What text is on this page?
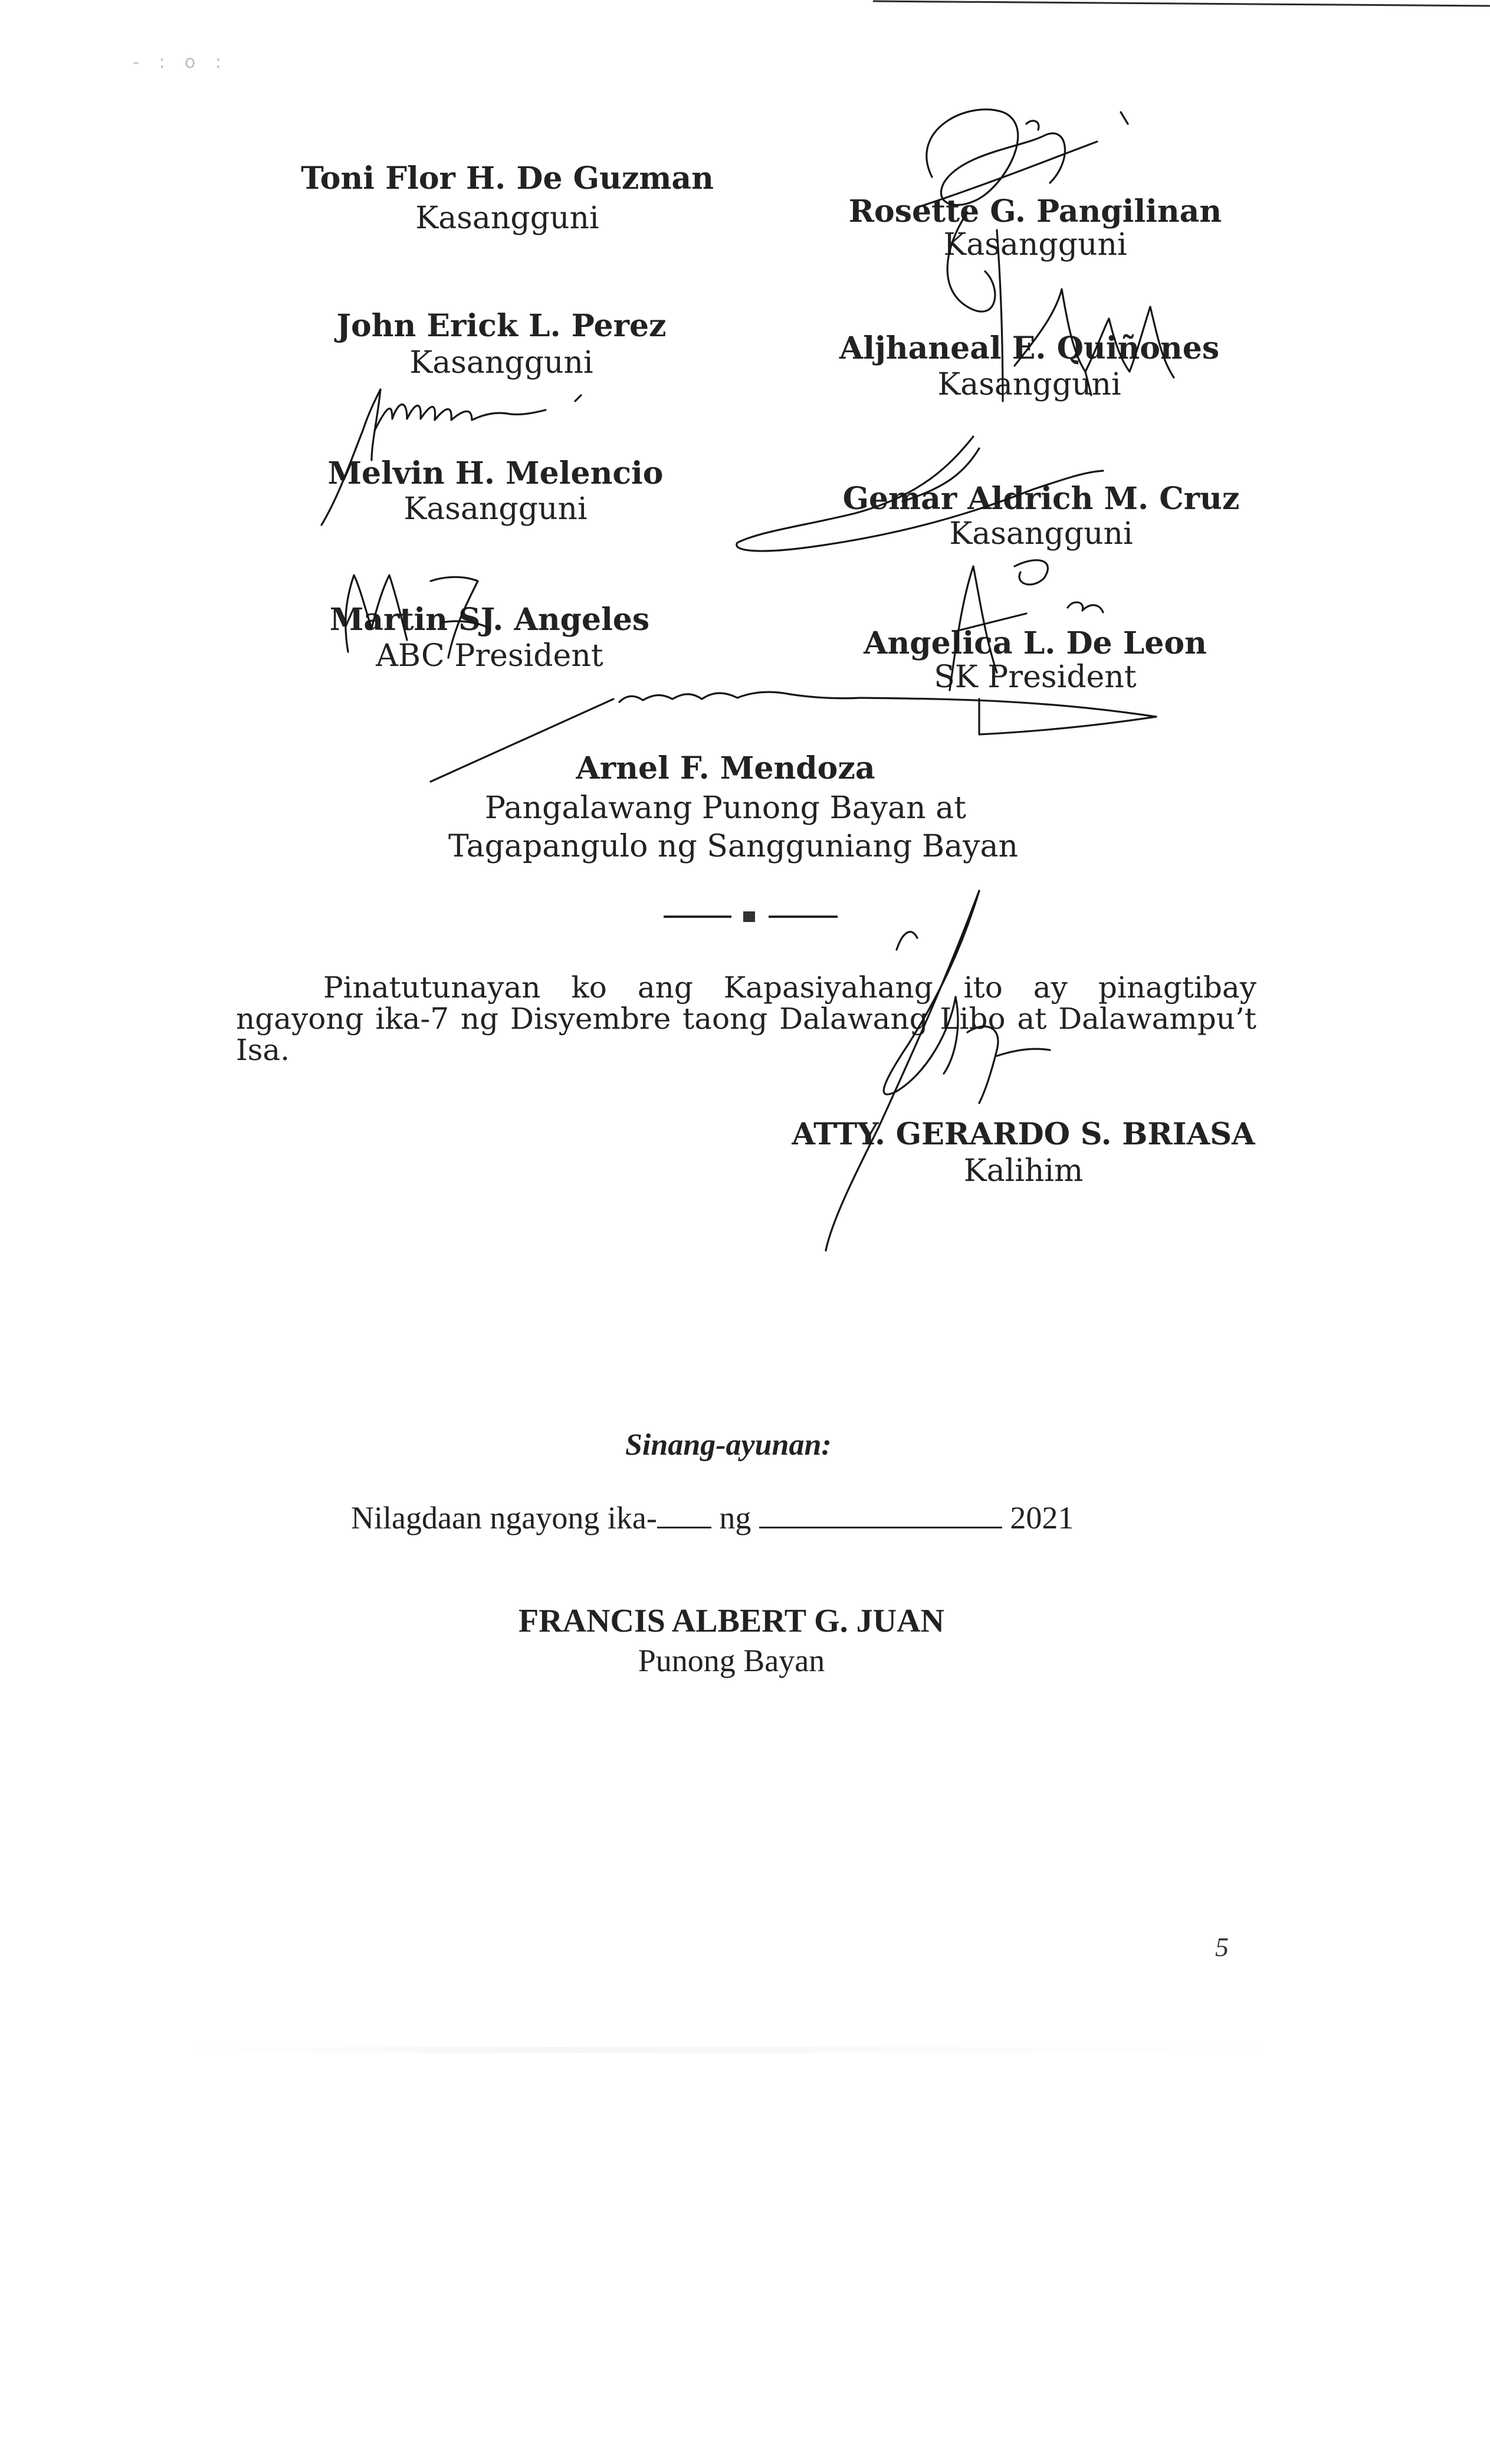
- : o :
Toni Flor H. De Guzman
Kasangguni
John Erick L. Perez
Kasangguni
Melvin H. Melencio
Kasangguni
Martin SJ. Angeles
ABC President
Rosette G. Pangilinan
Kasangguni
Aljhaneal E. Quiñones
Kasangguni
Gemar Aldrich M. Cruz
Kasangguni
Angelica L. De Leon
SK President
Arnel F. Mendoza
Pangalawang Punong Bayan at
Tagapangulo ng Sangguniang Bayan
Pinatutunayan ko ang Kapasiyahang ito ay pinagtibay
ngayong ika-7 ng Disyembre taong Dalawang Libo at Dalawampu’t
Isa.
ATTY. GERARDO S. BRIASA
Kalihim
Sinang-ayunan:
Nilagdaan ngayong ika- ng	2021
FRANCIS ALBERT G. JUAN
Punong Bayan
5
